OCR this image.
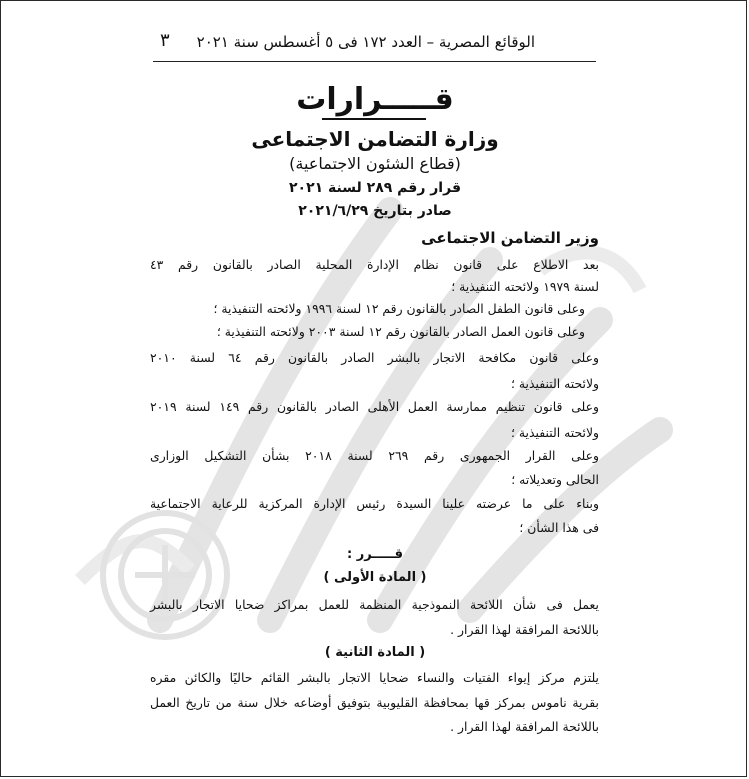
الوقائع المصرية – العدد ١٧٢ فى ٥ أغسطس سنة ٢٠٢١
٣
قـــــرارات
وزارة التضامن الاجتماعى
(قطاع الشئون الاجتماعية)
قرار رقم ٢٨٩ لسنة ٢٠٢١
صادر بتاريخ ٢٠٢١/٦/٢٩
وزير التضامن الاجتماعى
بعد الاطلاع على قانون نظام الإدارة المحلية الصادر بالقانون رقم ٤٣
لسنة ١٩٧٩ ولائحته التنفيذية ؛
وعلى قانون الطفل الصادر بالقانون رقم ١٢ لسنة ١٩٩٦ ولائحته التنفيذية ؛
وعلى قانون العمل الصادر بالقانون رقم ١٢ لسنة ٢٠٠٣ ولائحته التنفيذية ؛
وعلى قانون مكافحة الاتجار بالبشر الصادر بالقانون رقم ٦٤ لسنة ٢٠١٠
ولائحته التنفيذية ؛
وعلى قانون تنظيم ممارسة العمل الأهلى الصادر بالقانون رقم ١٤٩ لسنة ٢٠١٩
ولائحته التنفيذية ؛
وعلى القرار الجمهورى رقم ٢٦٩ لسنة ٢٠١٨ بشأن التشكيل الوزارى
الحالى وتعديلاته ؛
وبناء على ما عرضته علينا السيدة رئيس الإدارة المركزية للرعاية الاجتماعية
فى هذا الشأن ؛
قـــــرر :
( المادة الأولى )
يعمل فى شأن اللائحة النموذجية المنظمة للعمل بمراكز ضحايا الاتجار بالبشر
باللائحة المرافقة لهذا القرار .
( المادة الثانية )
يلتزم مركز إيواء الفتيات والنساء ضحايا الاتجار بالبشر القائم حاليًا والكائن مقره
بقرية ناموس بمركز قها بمحافظة القليوبية بتوفيق أوضاعه خلال سنة من تاريخ العمل
باللائحة المرافقة لهذا القرار .
